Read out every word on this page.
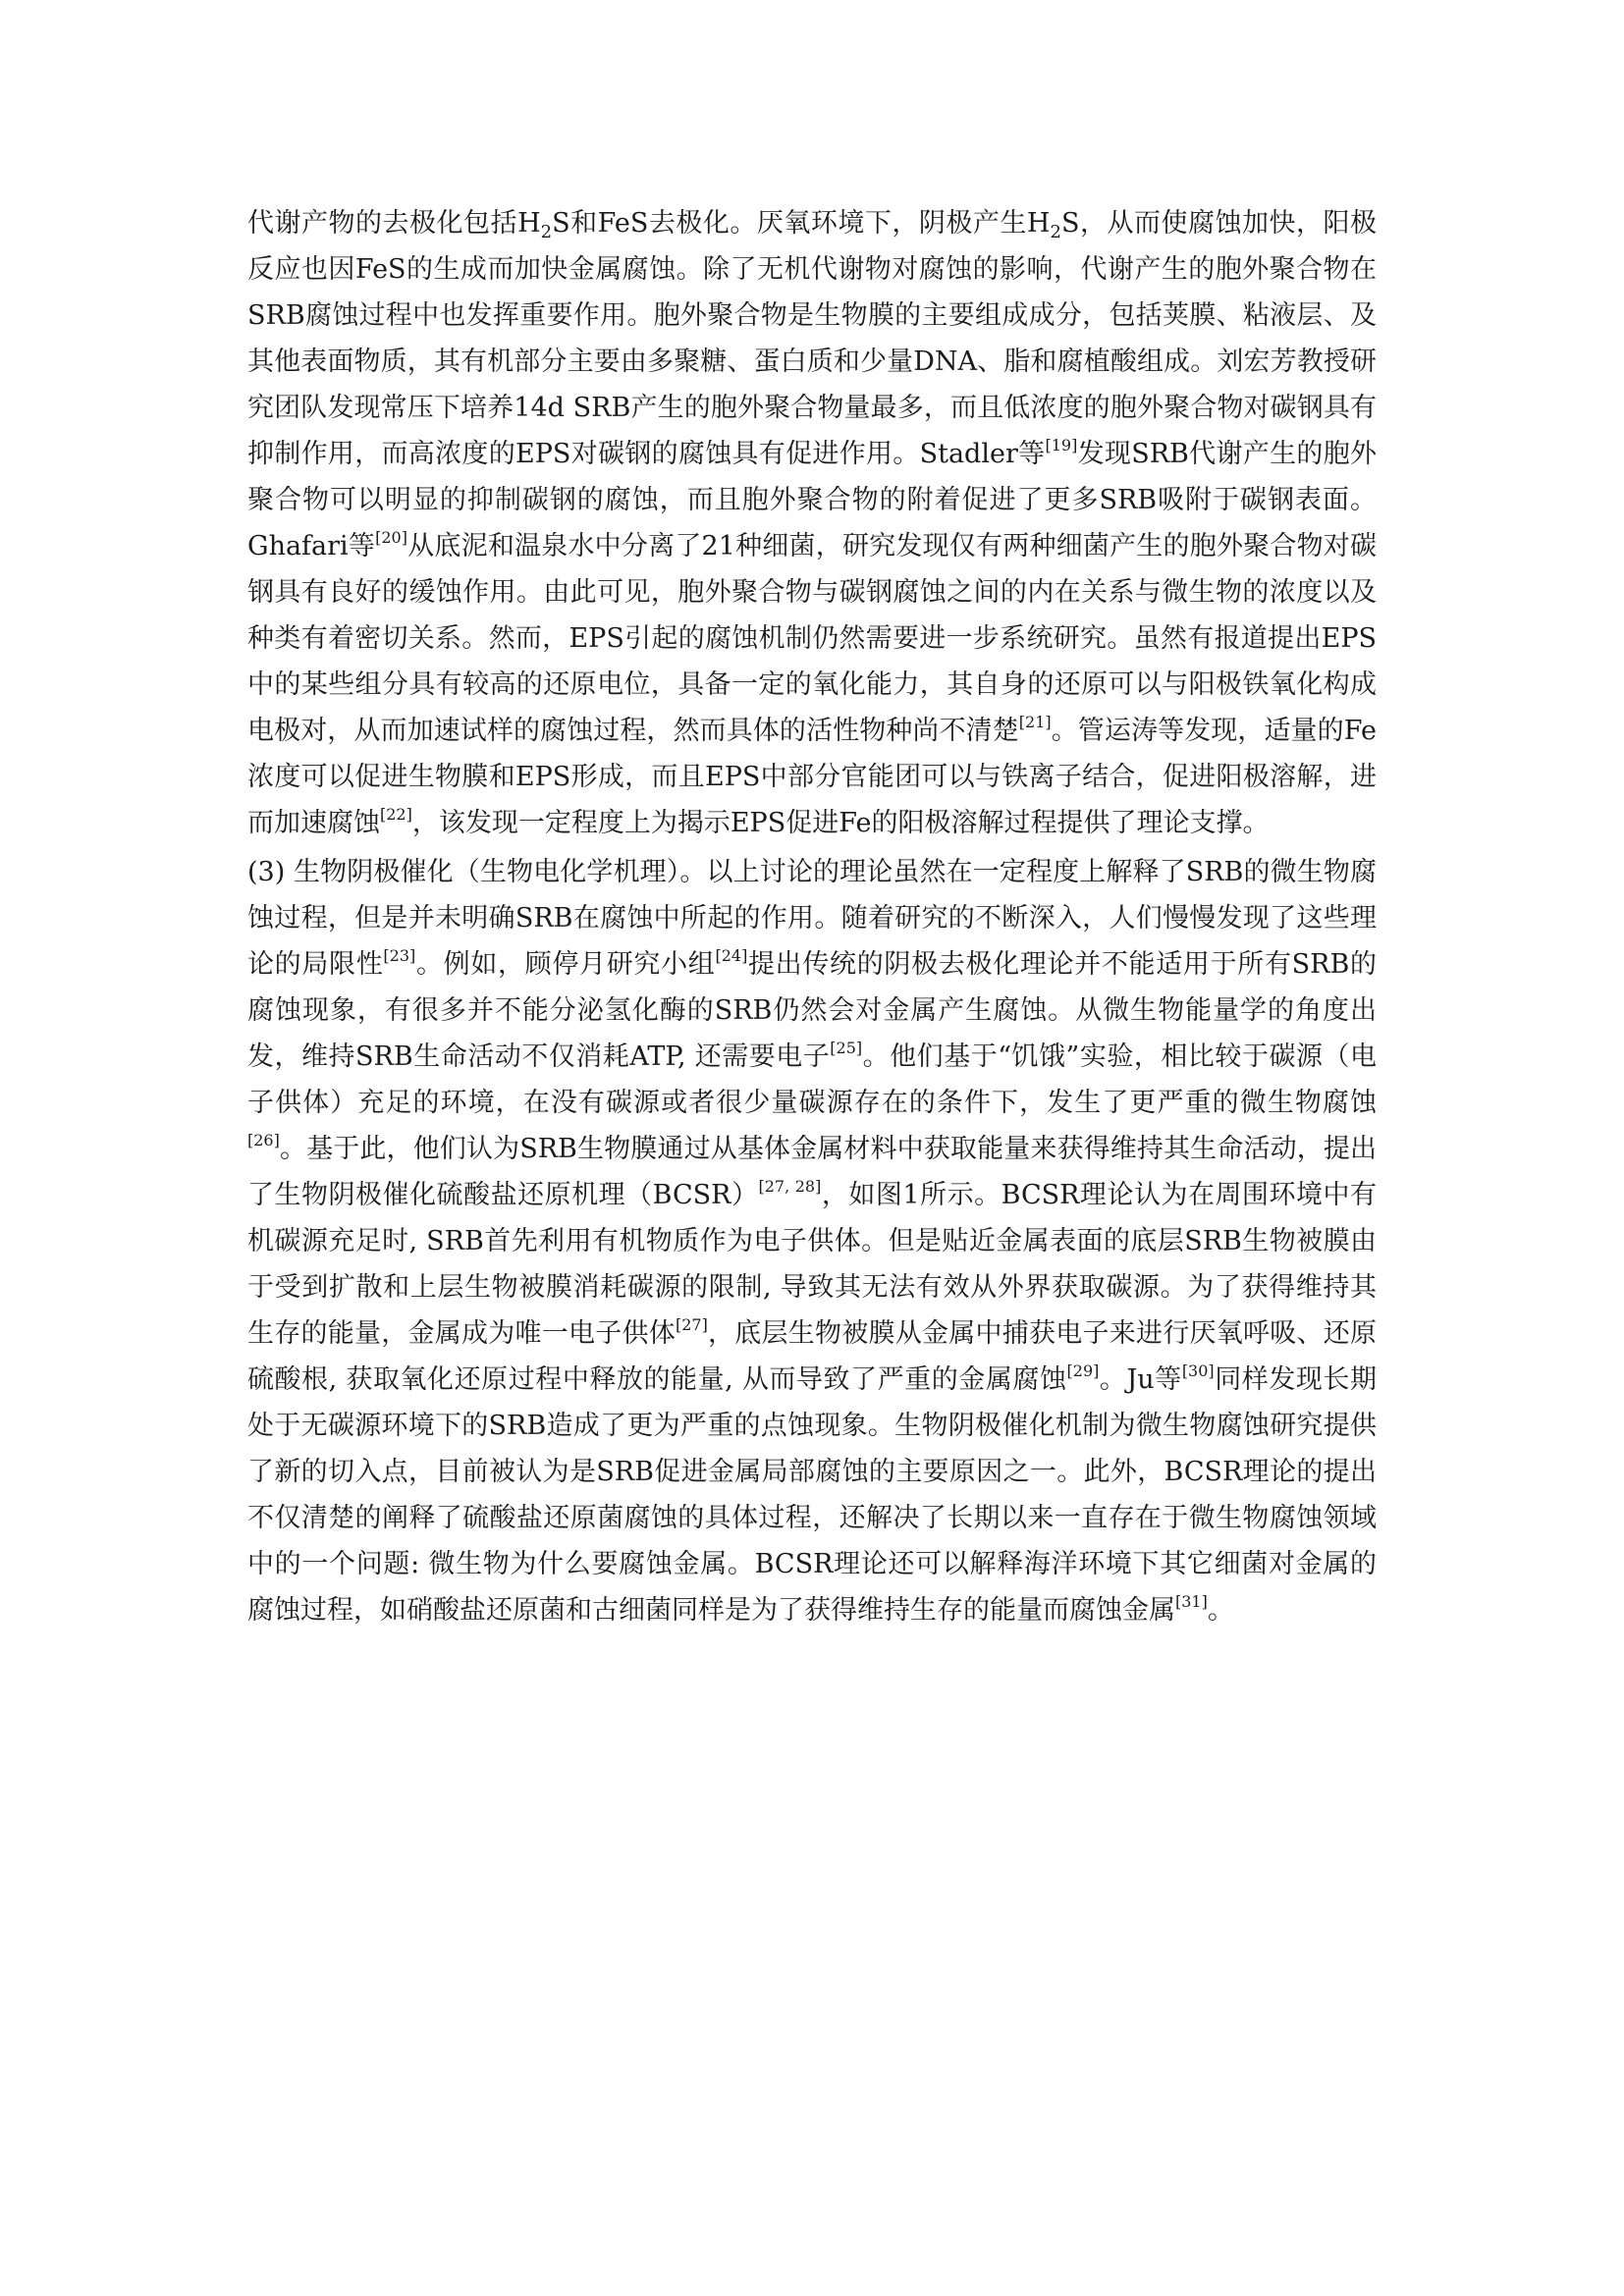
代谢产物的去极化包括$H_2S$和FeS去极化。厌氧环境下，阴极产生$H_2S$，从而使腐蚀加快，阳极反应也因FeS的生成而加快金属腐蚀。除了无机代谢物对腐蚀的影响，代谢产生的胞外聚合物在SRB腐蚀过程中也发挥重要作用。胞外聚合物是生物膜的主要组成成分，包括荚膜、粘液层、及其他表面物质，其有机部分主要由多聚糖、蛋白质和少量DNA、脂和腐植酸组成。刘宏芳教授研究团队发现常压下培养14d SRB产生的胞外聚合物量最多，而且低浓度的胞外聚合物对碳钢具有抑制作用，而高浓度的EPS对碳钢的腐蚀具有促进作用。Stadler等[19]发现SRB代谢产生的胞外聚合物可以明显的抑制碳钢的腐蚀，而且胞外聚合物的附着促进了更多SRB吸附于碳钢表面。Ghafari等[20]从底泥和温泉水中分离了21种细菌，研究发现仅有两种细菌产生的胞外聚合物对碳钢具有良好的缓蚀作用。由此可见，胞外聚合物与碳钢腐蚀之间的内在关系与微生物的浓度以及种类有着密切关系。然而，EPS引起的腐蚀机制仍然需要进一步系统研究。虽然有报道提出EPS中的某些组分具有较高的还原电位，具备一定的氧化能力，其自身的还原可以与阳极铁氧化构成电极对，从而加速试样的腐蚀过程，然而具体的活性物种尚不清楚[21]。管运涛等发现，适量的Fe浓度可以促进生物膜和EPS形成，而且EPS中部分官能团可以与铁离子结合，促进阳极溶解，进而加速腐蚀[22]，该发现一定程度上为揭示EPS促进Fe的阳极溶解过程提供了理论支撑。

(3) 生物阴极催化（生物电化学机理）。以上讨论的理论虽然在一定程度上解释了SRB的微生物腐蚀过程，但是并未明确SRB在腐蚀中所起的作用。随着研究的不断深入，人们慢慢发现了这些理论的局限性[23]。例如，顾停月研究小组[24]提出传统的阴极去极化理论并不能适用于所有SRB的腐蚀现象，有很多并不能分泌氢化酶的SRB仍然会对金属产生腐蚀。从微生物能量学的角度出发，维持SRB生命活动不仅消耗ATP, 还需要电子[25]。他们基于“饥饿”实验，相比较于碳源（电子供体）充足的环境，在没有碳源或者很少量碳源存在的条件下，发生了更严重的微生物腐蚀[26]。基于此，他们认为SRB生物膜通过从基体金属材料中获取能量来获得维持其生命活动，提出了生物阴极催化硫酸盐还原机理（BCSR）[27, 28]，如图1所示。BCSR理论认为在周围环境中有机碳源充足时, SRB首先利用有机物质作为电子供体。但是贴近金属表面的底层SRB生物被膜由于受到扩散和上层生物被膜消耗碳源的限制, 导致其无法有效从外界获取碳源。为了获得维持其生存的能量，金属成为唯一电子供体[27]，底层生物被膜从金属中捕获电子来进行厌氧呼吸、还原硫酸根, 获取氧化还原过程中释放的能量, 从而导致了严重的金属腐蚀[29]。Ju等[30]同样发现长期处于无碳源环境下的SRB造成了更为严重的点蚀现象。生物阴极催化机制为微生物腐蚀研究提供了新的切入点，目前被认为是SRB促进金属局部腐蚀的主要原因之一。此外，BCSR理论的提出不仅清楚的阐释了硫酸盐还原菌腐蚀的具体过程，还解决了长期以来一直存在于微生物腐蚀领域中的一个问题: 微生物为什么要腐蚀金属。BCSR理论还可以解释海洋环境下其它细菌对金属的腐蚀过程，如硝酸盐还原菌和古细菌同样是为了获得维持生存的能量而腐蚀金属[31]。
